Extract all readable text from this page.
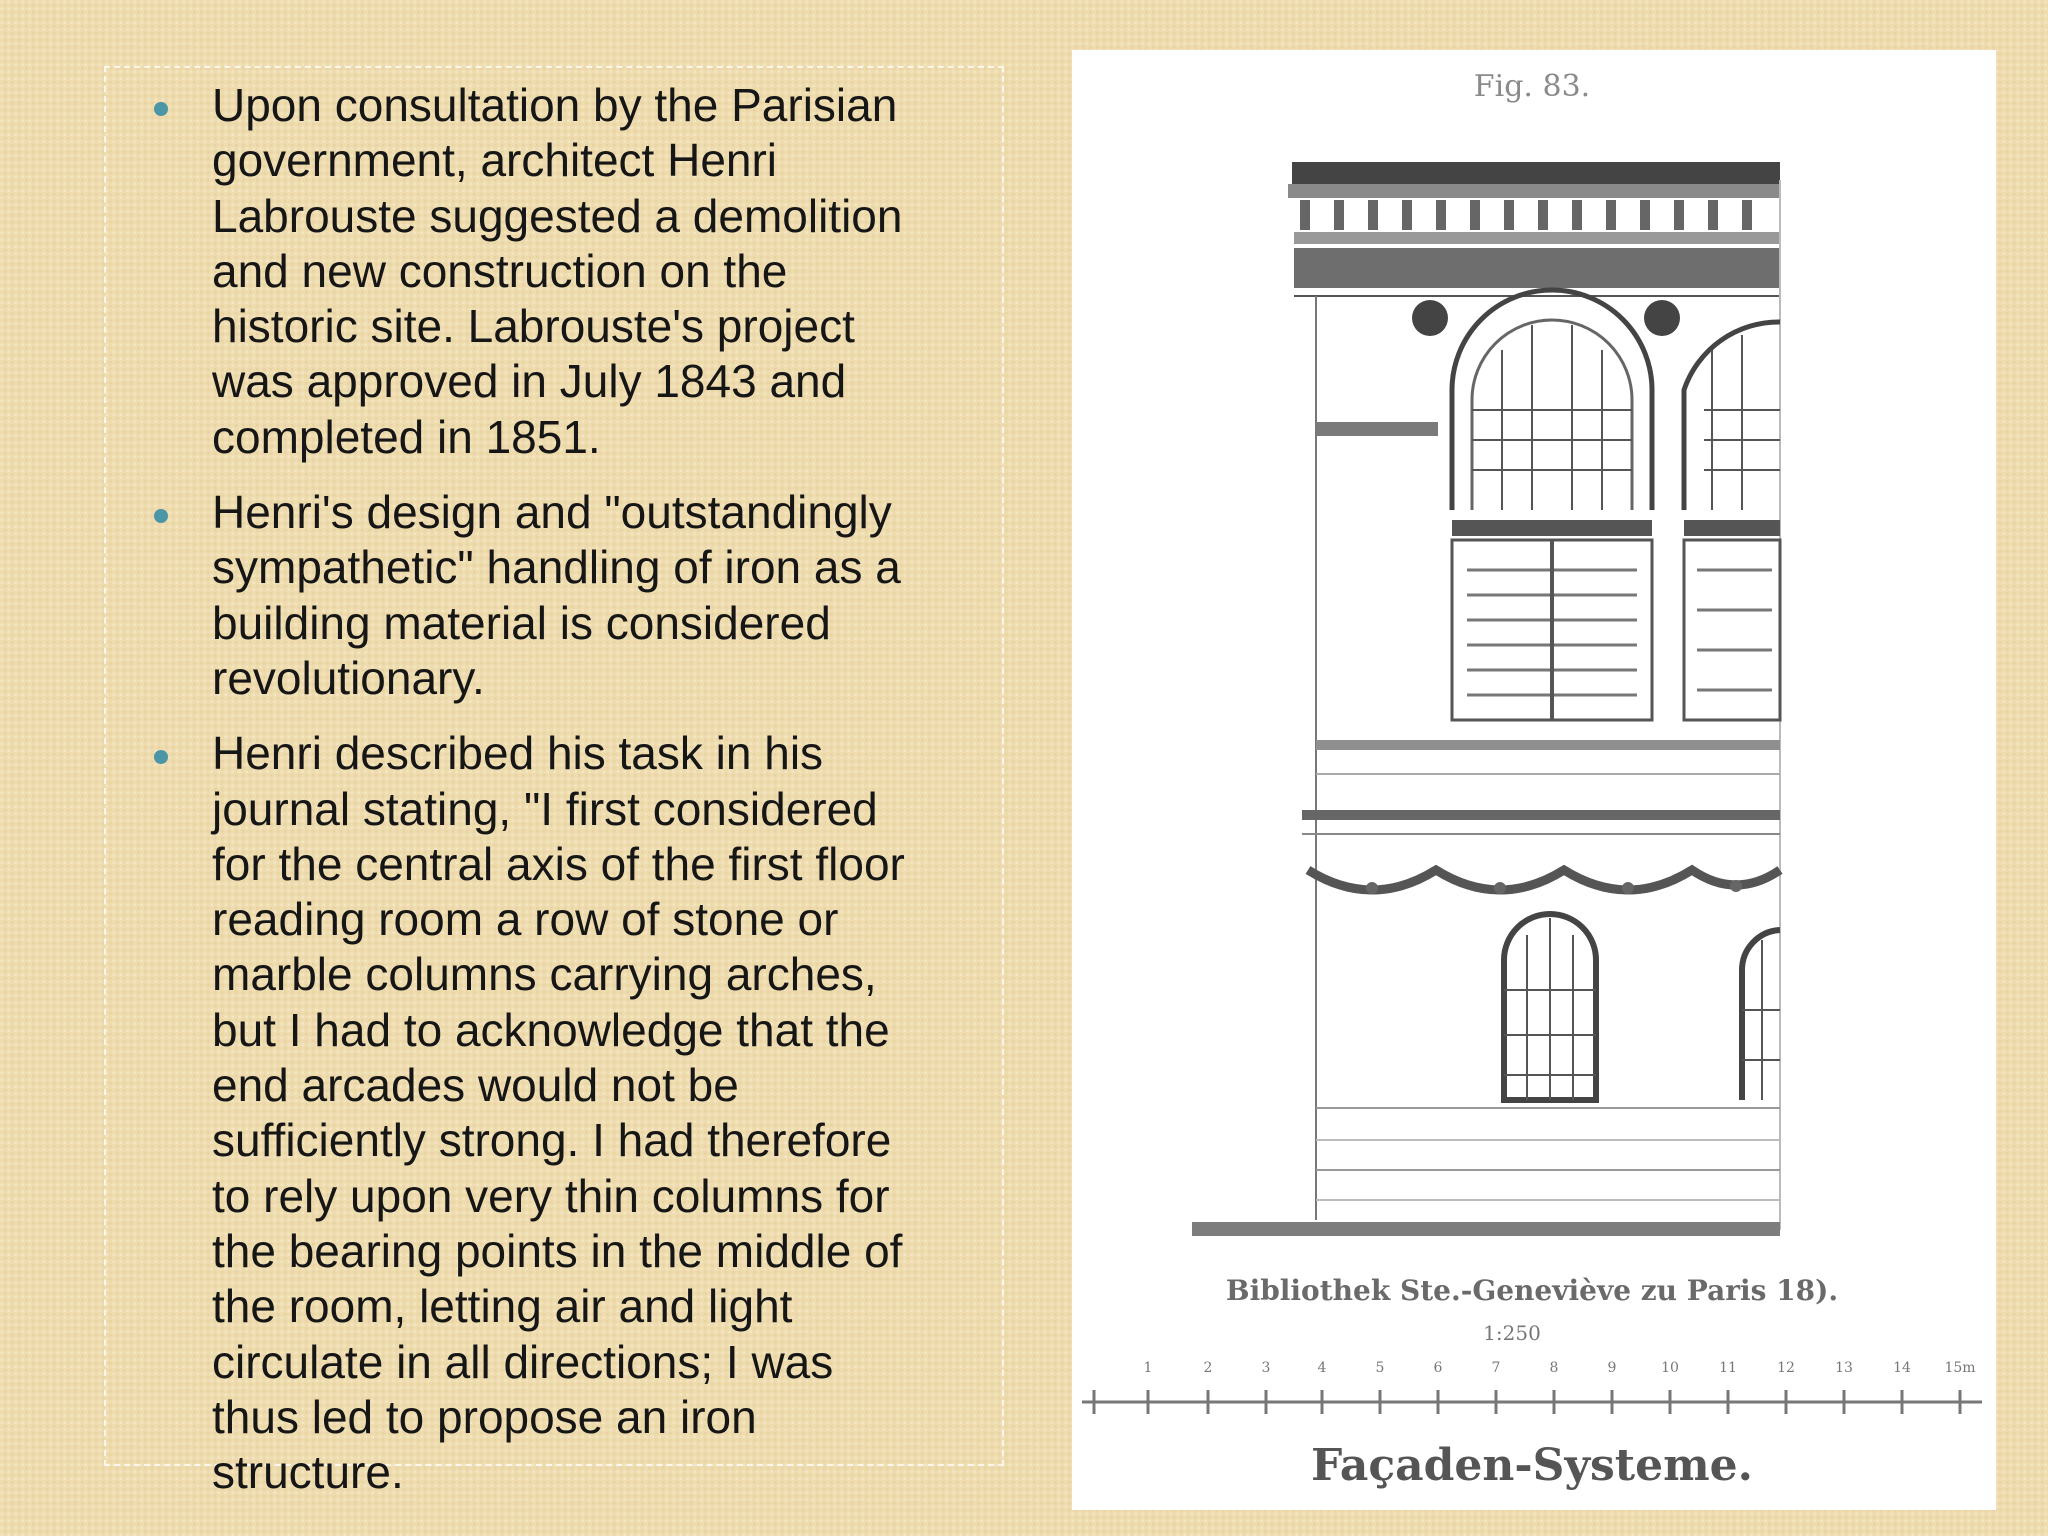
Upon consultation by the Parisian
government, architect Henri
Labrouste suggested a demolition
and new construction on the
historic site. Labrouste's project
was approved in July 1843 and
completed in 1851.
Henri's design and "outstandingly
sympathetic" handling of iron as a
building material is considered
revolutionary.
Henri described his task in his
journal stating, "I first considered
for the central axis of the first floor
reading room a row of stone or
marble columns carrying arches,
but I had to acknowledge that the
end arcades would not be
sufficiently strong. I had therefore
to rely upon very thin columns for
the bearing points in the middle of
the room, letting air and light
circulate in all directions; I was
thus led to propose an iron
structure.
Fig. 83.
Bibliothek Ste.-Geneviève zu Paris 18).
1:250
1	2	3	4	5	6	7	8	9	10	11	12	13	14 15m
Façaden-Systeme.
